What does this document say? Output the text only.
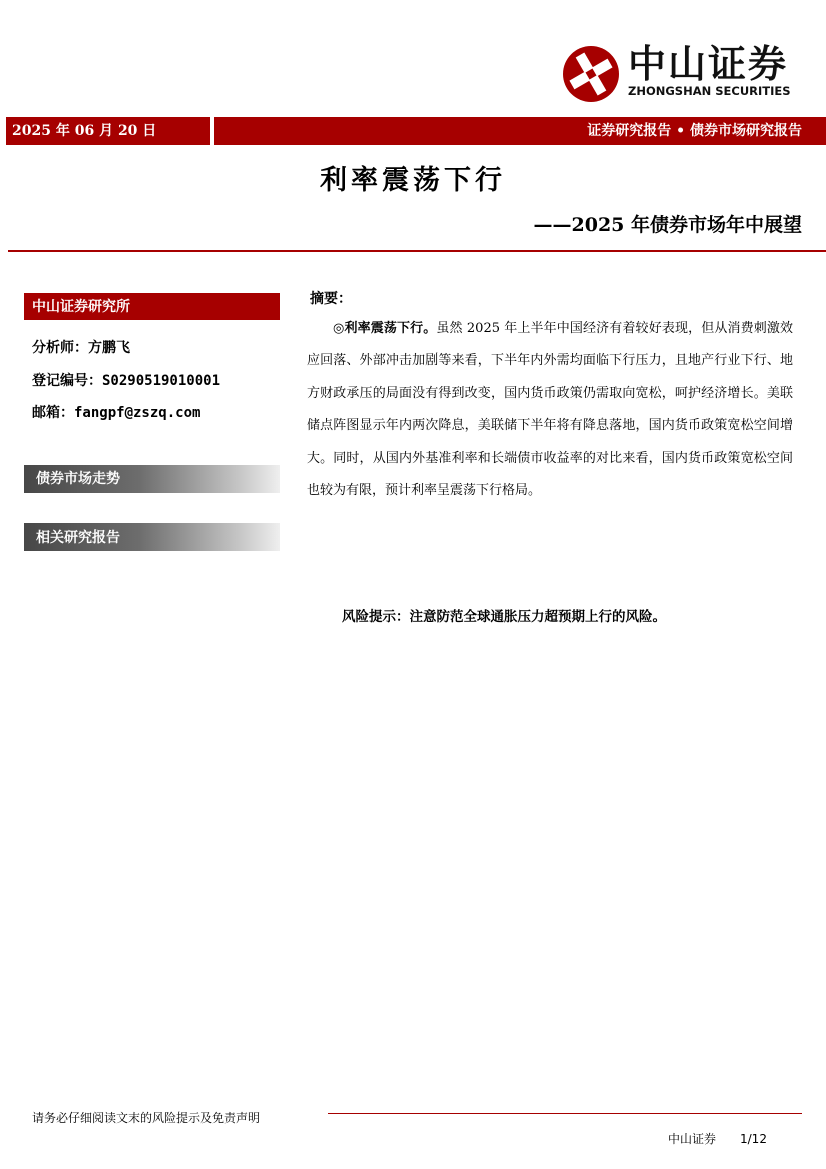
中山证券
ZHONGSHAN SECURITIES
2025 年 06 月 20 日	证券研究报告 • 债券市场研究报告
利率震荡下行
——2025 年债券市场年中展望
中山证券研究所
分析师：方鹏飞
登记编号：S0290519010001
邮箱：fangpf@zszq.com
债券市场走势
相关研究报告
摘要：

◎利率震荡下行。虽然 2025 年上半年中国经济有着较好表现，但从消费刺激效应回落、外部冲击加剧等来看，下半年内外需均面临下行压力，且地产行业下行、地方财政承压的局面没有得到改变，国内货币政策仍需取向宽松，呵护经济增长。美联储点阵图显示年内两次降息，美联储下半年将有降息落地，国内货币政策宽松空间增大。同时，从国内外基准利率和长端债市收益率的对比来看，国内货币政策宽松空间也较为有限，预计利率呈震荡下行格局。

风险提示：注意防范全球通胀压力超预期上行的风险。
请务必仔细阅读文末的风险提示及免责声明
中山证券 1/12
